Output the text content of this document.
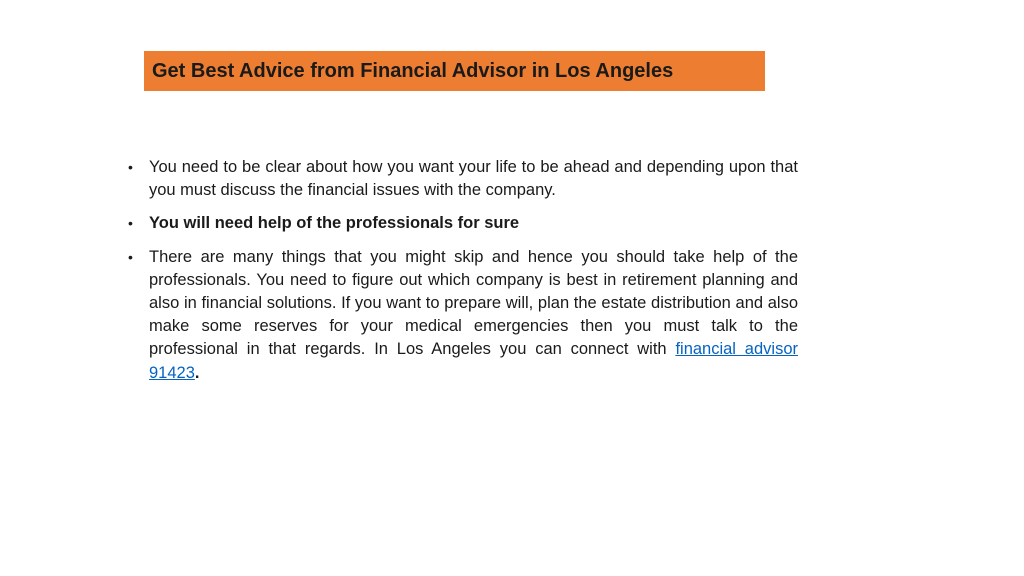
Get Best Advice from Financial Advisor in Los Angeles
• You need to be clear about how you want your life to be ahead and depending upon that you must discuss the financial issues with the company.
• You will need help of the professionals for sure
• There are many things that you might skip and hence you should take help of the professionals. You need to figure out which company is best in retirement planning and also in financial solutions. If you want to prepare will, plan the estate distribution and also make some reserves for your medical emergencies then you must talk to the professional in that regards. In Los Angeles you can connect with financial advisor 91423.
